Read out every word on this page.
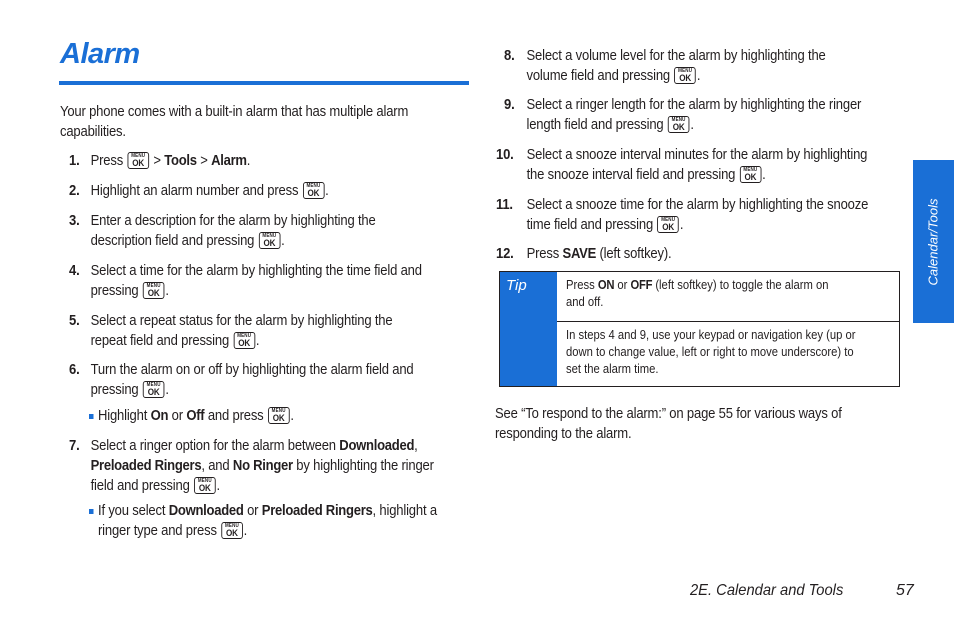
Alarm
Your phone comes with a built-in alarm that has multiple alarm
capabilities.
1. Press MENU
OK > Tools > Alarm.
2. Highlight an alarm number and press MENU
OK .
3. Enter a description for the alarm by highlighting the
description field and pressing MENU
OK .
4. Select a time for the alarm by highlighting the time field and
pressing MENU
OK .
5. Select a repeat status for the alarm by highlighting the
repeat field and pressing MENU
OK .
6. Turn the alarm on or off by highlighting the alarm field and
pressing MENU
OK .
Highlight On or Off and press MENU
OK .
7. Select a ringer option for the alarm between Downloaded,
Preloaded Ringers, and No Ringer by highlighting the ringer
field and pressing MENU
OK .
If you select Downloaded or Preloaded Ringers, highlight a
ringer type and press MENU
OK .
8. Select a volume level for the alarm by highlighting the
volume field and pressing MENU
OK .
9. Select a ringer length for the alarm by highlighting the ringer
length field and pressing MENU
OK .
10. Select a snooze interval minutes for the alarm by highlighting
the snooze interval field and pressing MENU
OK .
11. Select a snooze time for the alarm by highlighting the snooze
time field and pressing MENU
OK .
12. Press SAVE (left softkey).
Tip	Press ON or OFF (left softkey) to toggle the alarm on
and off.
In steps 4 and 9, use your keypad or navigation key (up or
down to change value, left or right to move underscore) to
set the alarm time.
See “To respond to the alarm:” on page 55 for various ways of
responding to the alarm.
Calendar/Tools
2E. Calendar and Tools	57
